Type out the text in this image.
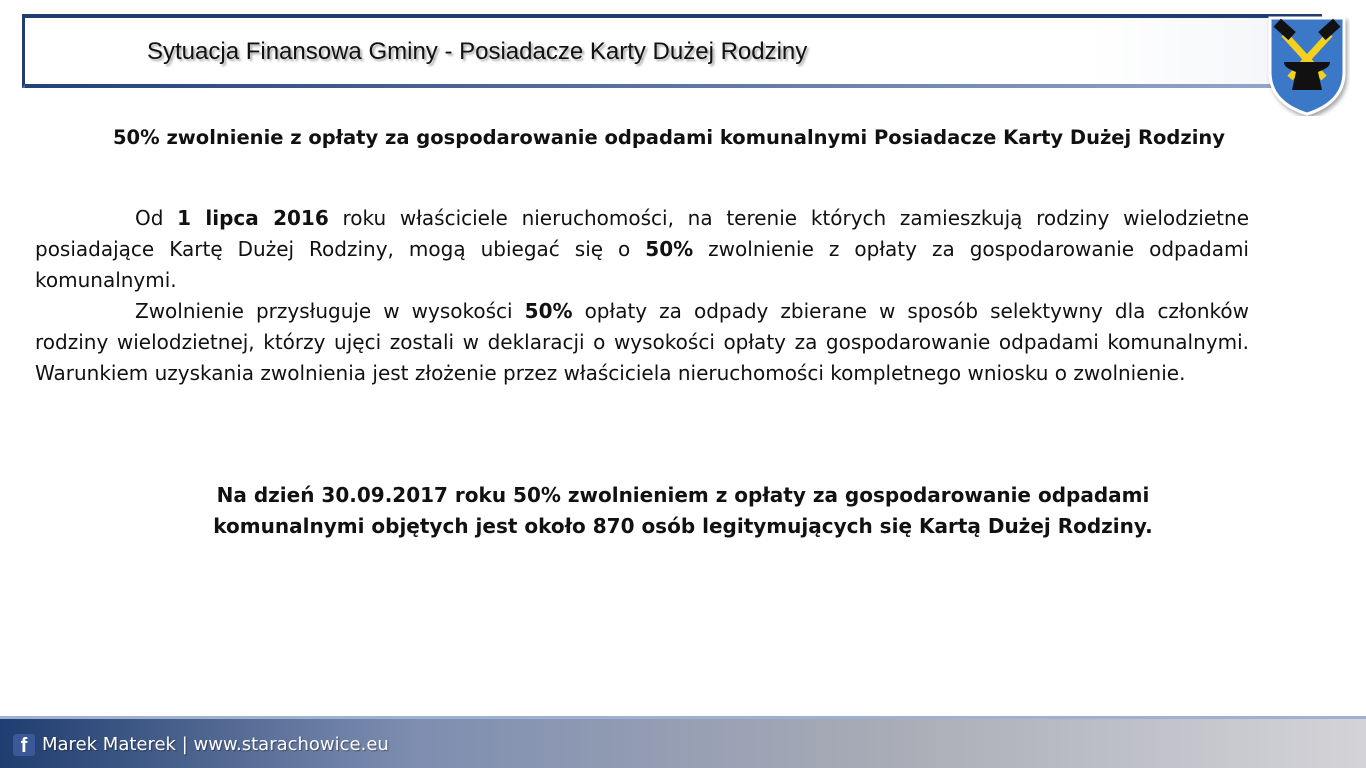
Sytuacja Finansowa Gminy - Posiadacze Karty Dużej Rodziny
50% zwolnienie z opłaty za gospodarowanie odpadami komunalnymi Posiadacze Karty Dużej Rodziny

Od 1 lipca 2016 roku właściciele nieruchomości, na terenie których zamieszkują rodziny wielodzietne posiadające Kartę Dużej Rodziny, mogą ubiegać się o 50% zwolnienie z opłaty za gospodarowanie odpadami komunalnymi.

Zwolnienie przysługuje w wysokości 50% opłaty za odpady zbierane w sposób selektywny dla członków rodziny wielodzietnej, którzy ujęci zostali w deklaracji o wysokości opłaty za gospodarowanie odpadami komunalnymi. Warunkiem uzyskania zwolnienia jest złożenie przez właściciela nieruchomości kompletnego wniosku o zwolnienie.

Na dzień 30.09.2017 roku 50% zwolnieniem z opłaty za gospodarowanie odpadami
komunalnymi objętych jest około 870 osób legitymujących się Kartą Dużej Rodziny.
f Marek Materek | www.starachowice.eu
